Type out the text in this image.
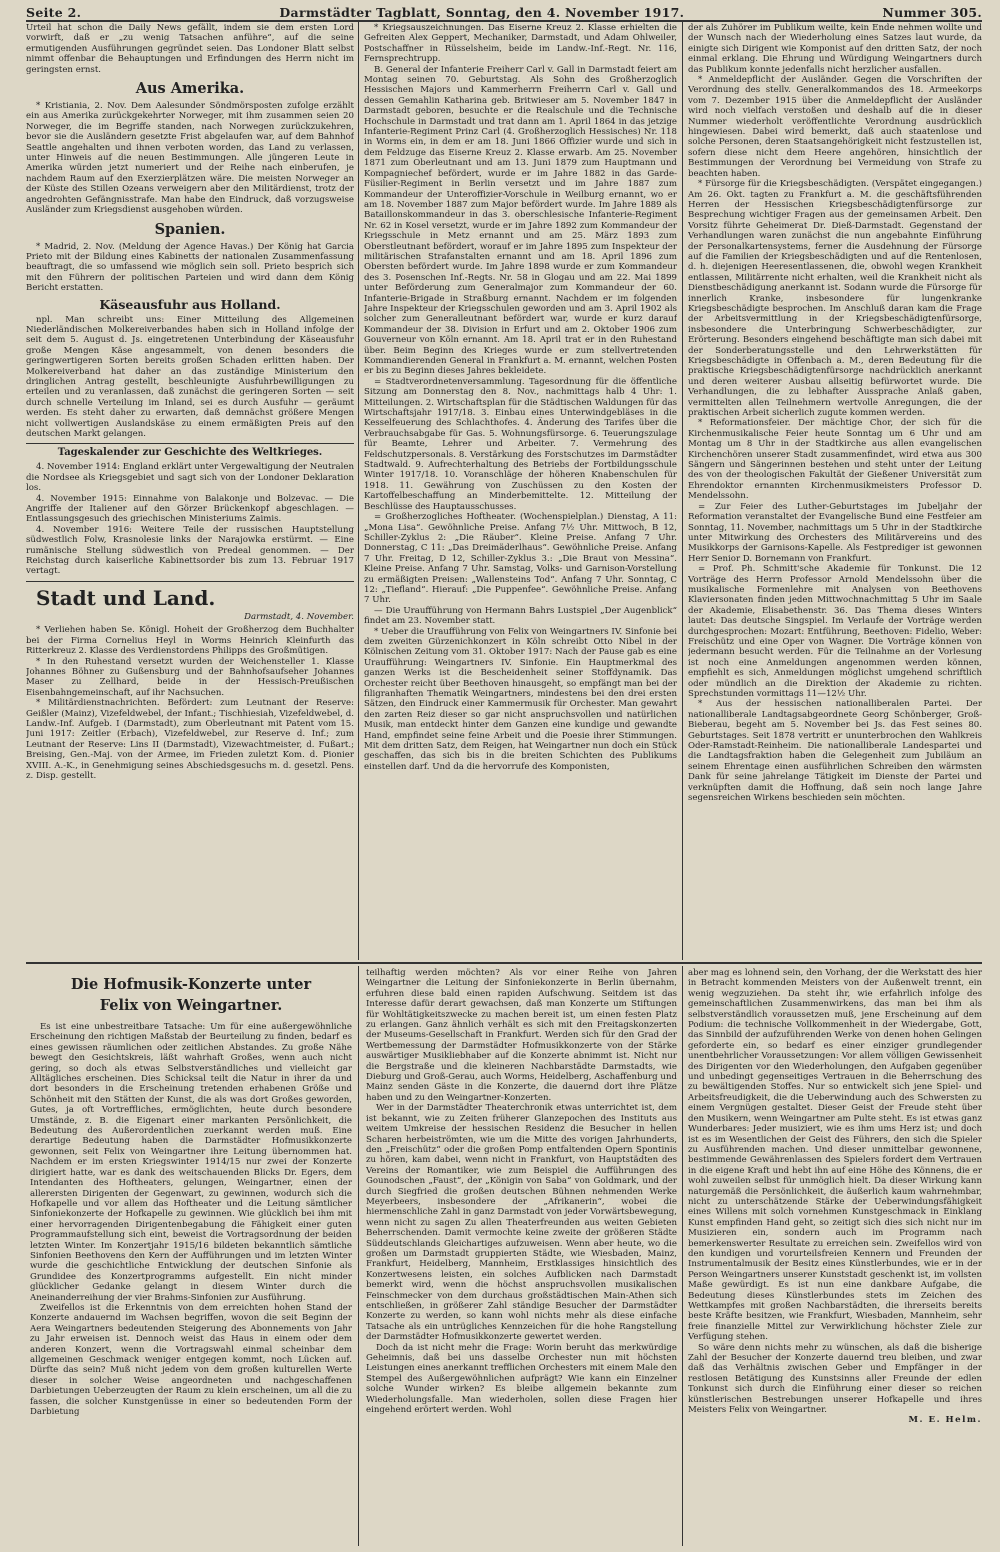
Seite 2.	Darmstädter Tagblatt, Sonntag, den 4. November 1917.	Nummer 305.

Urteil hat schon die Daily News gefällt, indem sie dem ersten Lord vorwirft, daß er „zu wenig Tatsachen anführe“, auf die seine ermutigenden Ausführungen gegründet seien. Das Londoner Blatt selbst nimmt offenbar die Behauptungen und Erfindungen des Herrn nicht im geringsten ernst.

Aus Amerika.

* Kristiania, 2. Nov. Dem Aalesunder Söndmörsposten zufolge erzählt ein aus Amerika zurückgekehrter Norweger, mit ihm zusammen seien 20 Norweger, die im Begriffe standen, nach Norwegen zurückzukehren, bevor sie die Ausländern gesetzte Frist abgelaufen war, auf dem Bahnhof Seattle angehalten und ihnen verboten worden, das Land zu verlassen, unter Hinweis auf die neuen Bestimmungen. Alle jüngeren Leute in Amerika würden jetzt numeriert und der Reihe nach einberufen, je nachdem Raum auf den Exerzierplätzen wäre. Die meisten Norweger an der Küste des Stillen Ozeans verweigern aber den Militärdienst, trotz der angedrohten Gefängnisstrafe. Man habe den Eindruck, daß vorzugsweise Ausländer zum Kriegsdienst ausgehoben würden.

Spanien.

* Madrid, 2. Nov. (Meldung der Agence Havas.) Der König hat Garcia Prieto mit der Bildung eines Kabinetts der nationalen Zusammenfassung beauftragt, die so umfassend wie möglich sein soll. Prieto besprich sich mit den Führern der politischen Parteien und wird dann dem König Bericht erstatten.

Käseausfuhr aus Holland.

npl. Man schreibt uns: Einer Mitteilung des Allgemeinen Niederländischen Molkereiverbandes haben sich in Holland infolge der seit dem 5. August d. Js. eingetretenen Unterbindung der Käseausfuhr große Mengen Käse angesammelt, von denen besonders die geringwertigeren Sorten bereits großen Schaden erlitten haben. Der Molkereiverband hat daher an das zuständige Ministerium den dringlichen Antrag gestellt, beschleunigte Ausfuhrbewilligungen zu erteilen und zu veranlassen, daß zunächst die geringeren Sorten — seit durch schnelle Verteilung im Inland, sei es durch Ausfuhr — geräumt werden. Es steht daher zu erwarten, daß demnächst größere Mengen nicht vollwertigen Auslandskäse zu einem ermäßigten Preis auf den deutschen Markt gelangen.

Tageskalender zur Geschichte des Weltkrieges.

4. November 1914: England erklärt unter Vergewaltigung der Neutralen die Nordsee als Kriegsgebiet und sagt sich von der Londoner Deklaration los.

4. November 1915: Einnahme von Balakonje und Bolzevac. — Die Angriffe der Italiener auf den Görzer Brückenkopf abgeschlagen. — Entlassungsgesuch des griechischen Ministeriums Zaimis.

4. November 1916: Weitere Teile der russischen Hauptstellung südwestlich Folw, Krasnolesie links der Narajowka erstürmt. — Eine rumänische Stellung südwestlich von Predeal genommen. — Der Reichstag durch kaiserliche Kabinettsorder bis zum 13. Februar 1917 vertagt.

Stadt und Land.
Darmstadt, 4. November.

* Verliehen haben Se. Königl. Hoheit der Großherzog dem Buchhalter bei der Firma Cornelius Heyl in Worms Heinrich Kleinfurth das Ritterkreuz 2. Klasse des Verdienstordens Philipps des Großmütigen.

* In den Ruhestand versetzt wurden der Weichensteller 1. Klasse Johannes Böhner zu Gußensburg und der Bahnhofsaufseher Johannes Maser zu Zellhard, beide in der Hessisch-Preußischen Eisenbahngemeinschaft, auf ihr Nachsuchen.

* Militärdienstnachrichten. Befördert: zum Leutnant der Reserve: Geißler (Mainz), Vizefeldwebel, der Infant.; Tischhiesiah, Vizefeldwebel, d. Landw.-Inf. Aufgeb. I (Darmstadt), zum Oberleutnant mit Patent vom 15. Juni 1917: Zeitler (Erbach), Vizefeldwebel, zur Reserve d. Inf.; zum Leutnant der Reserve: Lins II (Darmstadt), Vizewachtmeister, d. Fußart.; Breising, Gen.-Maj. von der Armee, im Frieden zuletzt Kom. d. Pionier XVIII. A.-K., in Genehmigung seines Abschiedsgesuchs m. d. gesetzl. Pens. z. Disp. gestellt.

* Kriegsauszeichnungen. Das Eiserne Kreuz 2. Klasse erhielten die Gefreiten Alex Geppert, Mechaniker, Darmstadt, und Adam Ohlweiler, Postschaffner in Rüsselsheim, beide im Landw.-Inf.-Regt. Nr. 116, Fernsprechtrupp.

B. General der Infanterie Freiherr Carl v. Gall in Darmstadt feiert am Montag seinen 70. Geburtstag. Als Sohn des Großherzoglich Hessischen Majors und Kammerherrn Freiherrn Carl v. Gall und dessen Gemahlin Katharina geb. Britwieser am 5. November 1847 in Darmstadt geboren, besuchte er die Realschule und die Technische Hochschule in Darmstadt und trat dann am 1. April 1864 in das jetzige Infanterie-Regiment Prinz Carl (4. Großherzoglich Hessisches) Nr. 118 in Worms ein, in dem er am 18. Juni 1866 Offizier wurde und sich in dem Feldzuge das Eiserne Kreuz 2. Klasse erwarb. Am 25. November 1871 zum Oberleutnant und am 13. Juni 1879 zum Hauptmann und Kompagniechef befördert, wurde er im Jahre 1882 in das Garde-Füsilier-Regiment in Berlin versetzt und im Jahre 1887 zum Kommandeur der Unteroffizier-Vorschule in Weilburg ernannt, wo er am 18. November 1887 zum Major befördert wurde. Im Jahre 1889 als Bataillonskommandeur in das 3. oberschlesische Infanterie-Regiment Nr. 62 in Kosel versetzt, wurde er im Jahre 1892 zum Kommandeur der Kriegsschule in Metz ernannt und am 25. März 1893 zum Oberstleutnant befördert, worauf er im Jahre 1895 zum Inspekteur der militärischen Strafanstalten ernannt und am 18. April 1896 zum Obersten befördert wurde. Im Jahre 1898 wurde er zum Kommandeur des 3. Posenschen Inf.-Regts. Nr. 58 in Glogau und am 22. Mai 1899 unter Beförderung zum Generalmajor zum Kommandeur der 60. Infanterie-Brigade in Straßburg ernannt. Nachdem er im folgenden Jahre Inspekteur der Kriegsschulen geworden und am 3. April 1902 als solcher zum Generalleutnant befördert war, wurde er kurz darauf Kommandeur der 38. Division in Erfurt und am 2. Oktober 1906 zum Gouverneur von Köln ernannt. Am 18. April trat er in den Ruhestand über. Beim Beginn des Krieges wurde er zum stellvertretenden Kommandierenden General in Frankfurt a. M. ernannt, welchen Posten er bis zu Beginn dieses Jahres bekleidete.

= Stadtverordnetenversammlung. Tagesordnung für die öffentliche Sitzung am Donnerstag den 8. Nov., nachmittags halb 4 Uhr: 1. Mitteilungen. 2. Wirtschaftsplan für die Städtischen Waldungen für das Wirtschaftsjahr 1917/18. 3. Einbau eines Unterwindgebläses in die Kesselfeuerung des Schlachthofes. 4. Änderung des Tarifes über die Verbrauchsabgabe für Gas. 5. Wohnungsfürsorge. 6. Teuerungszulage für Beamte, Lehrer und Arbeiter. 7. Vermehrung des Feldschutzpersonals. 8. Verstärkung des Forstschutzes im Darmstädter Stadtwald. 9. Aufrechterhaltung des Betriebs der Fortbildungsschule Winter 1917/18. 10. Voranschläge der höheren Knabenschulen für 1918. 11. Gewährung von Zuschüssen zu den Kosten der Kartoffelbeschaffung an Minderbemittelte. 12. Mitteilung der Beschlüsse des Hauptausschusses.

= Großherzogliches Hoftheater. (Wochenspielplan.) Dienstag, A 11: „Mona Lisa“. Gewöhnliche Preise. Anfang 7½ Uhr. Mittwoch, B 12, Schiller-Zyklus 2: „Die Räuber“. Kleine Preise. Anfang 7 Uhr. Donnerstag, C 11: „Das Dreimäderlhaus“. Gewöhnliche Preise. Anfang 7 Uhr. Freitag, D 12, Schiller-Zyklus 3.: „Die Braut von Messina“. Kleine Preise. Anfang 7 Uhr. Samstag, Volks- und Garnison-Vorstellung zu ermäßigten Preisen: „Wallensteins Tod“. Anfang 7 Uhr. Sonntag, C 12: „Tiefland“. Hierauf: „Die Puppenfee“. Gewöhnliche Preise. Anfang 7 Uhr.

— Die Uraufführung von Hermann Bahrs Lustspiel „Der Augenblick“ findet am 23. November statt.

* Ueber die Uraufführung von Felix von Weingartners IV. Sinfonie bei dem zweiten Gürzenichkonzert in Köln schreibt Otto Nibel in der Kölnischen Zeitung vom 31. Oktober 1917: Nach der Pause gab es eine Uraufführung: Weingartners IV. Sinfonie. Ein Hauptmerkmal des ganzen Werks ist die Bescheidenheit seiner Stoffdynamik. Das Orchester reicht über Beethoven hinausgeht, so empfängt man bei der filigranhaften Thematik Weingartners, mindestens bei den drei ersten Sätzen, den Eindruck einer Kammermusik für Orchester. Man gewahrt den zarten Reiz dieser so gar nicht anspruchsvollen und natürlichen Musik, man entdeckt hinter dem Ganzen eine kundige und gewandte Hand, empfindet seine feine Arbeit und die Poesie ihrer Stimmungen. Mit dem dritten Satz, dem Reigen, hat Weingartner nun doch ein Stück geschaffen, das sich bis in die breiten Schichten des Publikums einstellen darf. Und da die hervorrufe des Komponisten,

der als Zuhörer im Publikum weilte, kein Ende nehmen wollte und der Wunsch nach der Wiederholung eines Satzes laut wurde, da einigte sich Dirigent wie Komponist auf den dritten Satz, der noch einmal erklang. Die Ehrung und Würdigung Weingartners durch das Publikum konnte jedenfalls nicht herzlicher ausfallen.

* Anmeldepflicht der Ausländer. Gegen die Vorschriften der Verordnung des stellv. Generalkommandos des 18. Armeekorps vom 7. Dezember 1915 über die Anmeldepflicht der Ausländer wird noch vielfach verstoßen und deshalb auf die in dieser Nummer wiederholt veröffentlichte Verordnung ausdrücklich hingewiesen. Dabei wird bemerkt, daß auch staatenlose und solche Personen, deren Staatsangehörigkeit nicht festzustellen ist, sofern diese nicht dem Heere angehören, hinsichtlich der Bestimmungen der Verordnung bei Vermeidung von Strafe zu beachten haben.

* Fürsorge für die Kriegsbeschädigten. (Verspätet eingegangen.) Am 26. Okt. tagten zu Frankfurt a. M. die geschäftsführenden Herren der Hessischen Kriegsbeschädigtenfürsorge zur Besprechung wichtiger Fragen aus der gemeinsamen Arbeit. Den Vorsitz führte Geheimerat Dr. Dieß-Darmstadt. Gegenstand der Verhandlungen waren zunächst die nun angebahnte Einführung der Personalkartensystems, ferner die Ausdehnung der Fürsorge auf die Familien der Kriegsbeschädigten und auf die Rentenlosen, d. h. diejenigen Heeresentlassenen, die, obwohl wegen Krankheit entlassen, Militärrente nicht erhalten, weil die Krankheit nicht als Dienstbeschädigung anerkannt ist. Sodann wurde die Fürsorge für innerlich Kranke, insbesondere für lungenkranke Kriegsbeschädigte besprochen. Im Anschluß daran kam die Frage der Arbeitsvermittlung in der Kriegsbeschädigtenfürsorge, insbesondere die Unterbringung Schwerbeschädigter, zur Erörterung. Besonders eingehend beschäftigte man sich dabei mit der Sonderberatungsstelle und den Lehrwerkstätten für Kriegsbeschädigte in Offenbach a. M., deren Bedeutung für die praktische Kriegsbeschädigtenfürsorge nachdrücklich anerkannt und deren weiterer Ausbau allseitig befürwortet wurde. Die Verhandlungen, die zu lebhafter Aussprache Anlaß gaben, vermittelten allen Teilnehmern wertvolle Anregungen, die der praktischen Arbeit sicherlich zugute kommen werden.

* Reformationsfeier. Der mächtige Chor, der sich für die Kirchenmusikalische Feier heute Sonntag um 6 Uhr und am Montag um 8 Uhr in der Stadtkirche aus allen evangelischen Kirchenchören unserer Stadt zusammenfindet, wird etwa aus 300 Sängern und Sängerinnen bestehen und steht unter der Leitung des von der theologischen Fakultät der Gießener Universität zum Ehrendoktor ernannten Kirchenmusikmeisters Professor D. Mendelssohn.

= Zur Feier des Luther-Geburtstages im Jubeljahr der Reformation veranstaltet der Evangelische Bund eine Festfeier am Sonntag, 11. November, nachmittags um 5 Uhr in der Stadtkirche unter Mitwirkung des Orchesters des Militärvereins und des Musikkorps der Garnisons-Kapelle. Als Festprediger ist gewonnen Herr Senior D. Bornemann von Frankfurt.

= Prof. Ph. Schmitt'sche Akademie für Tonkunst. Die 12 Vorträge des Herrn Professor Arnold Mendelssohn über die musikalische Formenlehre mit Analysen von Beethovens Klaviersonaten finden jeden Mittwochnachmittag 5 Uhr im Saale der Akademie, Elisabethenstr. 36. Das Thema dieses Winters lautet: Das deutsche Singspiel. Im Verlaufe der Vorträge werden durchgesprochen: Mozart: Entführung, Beethoven: Fidelio, Weber: Freischütz und eine Oper von Wagner. Die Vorträge können von jedermann besucht werden. Für die Teilnahme an der Vorlesung ist noch eine Anmeldungen angenommen werden können, empfiehlt es sich, Anmeldungen möglichst umgehend schriftlich oder mündlich an die Direktion der Akademie zu richten. Sprechstunden vormittags 11—12½ Uhr.

* Aus der hessischen nationalliberalen Partei. Der nationalliberale Landtagsabgeordnete Georg Schönberger, Groß-Bieberau, begeht am 5. November bei Js. das Fest seines 80. Geburtstages. Seit 1878 vertritt er ununterbrochen den Wahlkreis Oder-Ramstadt-Reinheim. Die nationalliberale Landespartei und die Landtagsfraktion haben die Gelegenheit zum Jubiläum an seinem Ehrentage einen ausführlichen Schreiben den wärmsten Dank für seine jahrelange Tätigkeit im Dienste der Partei und verknüpften damit die Hoffnung, daß sein noch lange Jahre segensreichen Wirkens beschieden sein möchten.

Die Hofmusik-Konzerte unter
Felix von Weingartner.

Es ist eine unbestreitbare Tatsache: Um für eine außergewöhnliche Erscheinung den richtigen Maßstab der Beurteilung zu finden, bedarf es eines gewissen räumlichen oder zeitlichen Abstandes. Zu große Nähe bewegt den Gesichtskreis, läßt wahrhaft Großes, wenn auch nicht gering, so doch als etwas Selbstverständliches und vielleicht gar Alltägliches erscheinen. Dies Schicksal teilt die Natur in ihrer da und dort besonders in die Erscheinung tretenden erhabenen Größe und Schönheit mit den Stätten der Kunst, die als was dort Großes geworden, Gutes, ja oft Vortreffliches, ermöglichten, heute durch besondere Umstände, z. B. die Eigenart einer markanten Persönlichkeit, die Bedeutung des Außerordentlichen zuerkannt werden muß. Eine derartige Bedeutung haben die Darmstädter Hofmusikkonzerte gewonnen, seit Felix von Weingartner ihre Leitung übernommen hat. Nachdem er im ersten Kriegswinter 1914/15 nur zwei der Konzerte dirigiert hatte, war es dank des weitschauenden Blicks Dr. Egers, dem Intendanten des Hoftheaters, gelungen, Weingartner, einen der allerersten Dirigenten der Gegenwart, zu gewinnen, wodurch sich die Hofkapelle und vor allem das Hoftheater und die Leitung sämtlicher Sinfoniekonzerte der Hofkapelle zu gewinnen. Wie glücklich bei ihm mit einer hervorragenden Dirigentenbegabung die Fähigkeit einer guten Programmaufstellung sich eint, beweist die Vortragsordnung der beiden letzten Winter. Im Konzertjahr 1915/16 bildeten bekanntlich sämtliche Sinfonien Beethovens den Kern der Aufführungen und im letzten Winter wurde die geschichtliche Entwicklung der deutschen Sinfonie als Grundidee des Konzertprogramms aufgestellt. Ein nicht minder glücklicher Gedanke gelangt in diesem Winter durch die Aneinanderreihung der vier Brahms-Sinfonien zur Ausführung.

Zweifellos ist die Erkenntnis von dem erreichten hohen Stand der Konzerte andauernd im Wachsen begriffen, wovon die seit Beginn der Aera Weingartners bedeutenden Steigerung des Abonnements von Jahr zu Jahr erweisen ist. Dennoch weist das Haus in einem oder dem anderen Konzert, wenn die Vortragswahl einmal scheinbar dem allgemeinen Geschmack weniger entgegen kommt, noch Lücken auf. Dürfte das sein? Muß nicht jedem von dem großen kulturellen Werte dieser in solcher Weise angeordneten und nachgeschaffenen Darbietungen Ueberzeugten der Raum zu klein erscheinen, um all die zu fassen, die solcher Kunstgenüsse in einer so bedeutenden Form der Darbietung

teilhaftig werden möchten? Als vor einer Reihe von Jahren Weingartner die Leitung der Sinfoniekonzerte in Berlin übernahm, erfuhren diese bald einen rapiden Aufschwung. Seitdem ist das Interesse dafür derart gewachsen, daß man Konzerte um Stiftungen für Wohltätigkeitszwecke zu machen bereit ist, um einen festen Platz zu erlangen. Ganz ähnlich verhält es sich mit den Freitagskonzerten der Museums-Gesellschaft in Frankfurt. Werden sich für den Grad der Wertbemessung der Darmstädter Hofmusikkonzerte von der Stärke auswärtiger Musikliebhaber auf die Konzerte abnimmt ist. Nicht nur die Bergstraße und die kleineren Nachbarstädte Darmstadts, wie Dieburg und Groß-Gerau, auch Worms, Heidelberg, Aschaffenburg und Mainz senden Gäste in die Konzerte, die dauernd dort ihre Plätze haben und zu den Weingartner-Konzerten.

Wer in der Darmstädter Theaterchronik etwas unterrichtet ist, dem ist bekannt, wie zu Zeiten früherer Glanzepochen des Instituts aus weitem Umkreise der hessischen Residenz die Besucher in hellen Scharen herbeiströmten, wie um die Mitte des vorigen Jahrhunderts, den „Freischütz“ oder die großen Pomp entfaltenden Opern Spontinis zu hören, kam dabei, wenn nicht in Frankfurt, von Hauptstädten des Vereins der Romantiker, wie zum Beispiel die Aufführungen des Gounodschen „Faust“, der „Königin von Saba“ von Goldmark, und der durch Siegfried die großen deutschen Bühnen nehmenden Werke Meyerbeers, insbesondere der „Afrikanerin“, wobei die hiermenschliche Zahl in ganz Darmstadt von jeder Vorwärtsbewegung, wenn nicht zu sagen Zu allen Theaterfreunden aus weiten Gebieten Beherrschenden. Damit vermochte keine zweite der größeren Städte Süddeutschlands Gleichartiges aufzuweisen. Wenn aber heute, wo die großen um Darmstadt gruppierten Städte, wie Wiesbaden, Mainz, Frankfurt, Heidelberg, Mannheim, Erstklassiges hinsichtlich des Konzertwesens leisten, ein solches Aufblicken nach Darmstadt bemerkt wird, wenn die höchst anspruchsvollen musikalischen Feinschmecker von dem durchaus großstädtischen Main-Athen sich entschließen, in größerer Zahl ständige Besucher der Darmstädter Konzerte zu werden, so kann wohl nichts mehr als diese einfache Tatsache als ein untrügliches Kennzeichen für die hohe Rangstellung der Darmstädter Hofmusikkonzerte gewertet werden.

Doch da ist nicht mehr die Frage: Worin beruht das merkwürdige Geheimnis, daß bei uns dasselbe Orchester nun mit höchsten Leistungen eines anerkannt trefflichen Orchesters mit einem Male den Stempel des Außergewöhnlichen aufprägt? Wie kann ein Einzelner solche Wunder wirken? Es bleibe allgemein bekannte zum Wiederholungsfalle. Man wiederholen, sollen diese Fragen hier eingehend erörtert werden. Wohl

aber mag es lohnend sein, den Vorhang, der die Werkstatt des hier in Betracht kommenden Meisters von der Außenwelt trennt, ein wenig wegzuziehen. Da steht ihr, wie erfahrlich infolge des gemeinschaftlichen Zusammenwirkens, das man bei ihm als selbstverständlich voraussetzen muß, jene Erscheinung auf dem Podium: die technische Vollkommenheit in der Wiedergabe, Gott, das Sinnbild der aufzuführenden Werke von denen hohen Gelingen geforderte ein, so bedarf es einer einziger grundlegender unentbehrlicher Voraussetzungen: Vor allem völligen Gewissenheit des Dirigenten vor den Wiederholungen, den Aufgaben gegenüber und unbedingt gegenseitiges Vertrauen in die Beherrschung des zu bewältigenden Stoffes. Nur so entwickelt sich jene Spiel- und Arbeitsfreudigkeit, die die Ueberwindung auch des Schwersten zu einem Vergnügen gestaltet. Dieser Geist der Freude steht über den Musikern, wenn Weingartner am Pulte steht. Es ist etwas ganz Wunderbares: Jeder musiziert, wie es ihm ums Herz ist; und doch ist es im Wesentlichen der Geist des Führers, den sich die Spieler zu Ausführenden machen. Und dieser unmittelbar gewonnene, bestimmende Gewährenlassen des Spielers fordert dem Vertrauen in die eigene Kraft und hebt ihn auf eine Höhe des Könnens, die er wohl zuweilen selbst für unmöglich hielt. Da dieser Wirkung kann naturgemäß die Persönlichkeit, die äußerlich kaum wahrnehmbar, nicht zu unterschätzende Stärke der Ueberwindungsfähigkeit eines Willens mit solch vornehmen Kunstgeschmack in Einklang Kunst empfinden Hand geht, so zeitigt sich dies sich nicht nur im Musizieren ein, sondern auch im Programm nach bemerkenswerter Resultate zu erreichen sein. Zweifellos wird von den kundigen und vorurteilsfreien Kennern und Freunden der Instrumentalmusik der Besitz eines Künstlerbundes, wie er in der Person Weingartners unserer Kunststadt geschenkt ist, im vollsten Maße gewürdigt. Es ist nun eine dankbare Aufgabe, die Bedeutung dieses Künstlerbundes stets im Zeichen des Wettkampfes mit großen Nachbarstädten, die ihrerseits bereits beste Kräfte besitzen, wie Frankfurt, Wiesbaden, Mannheim, sehr freie finanzielle Mittel zur Verwirklichung höchster Ziele zur Verfügung stehen.

So wäre denn nichts mehr zu wünschen, als daß die bisherige Zahl der Besucher der Konzerte dauernd treu bleiben, und zwar daß das Verhältnis zwischen Geber und Empfänger in der restlosen Betätigung des Kunstsinns aller Freunde der edlen Tonkunst sich durch die Einführung einer dieser so reichen künstlerischen Bestrebungen unserer Hofkapelle und ihres Meisters Felix von Weingartner.

M. E. Helm.
